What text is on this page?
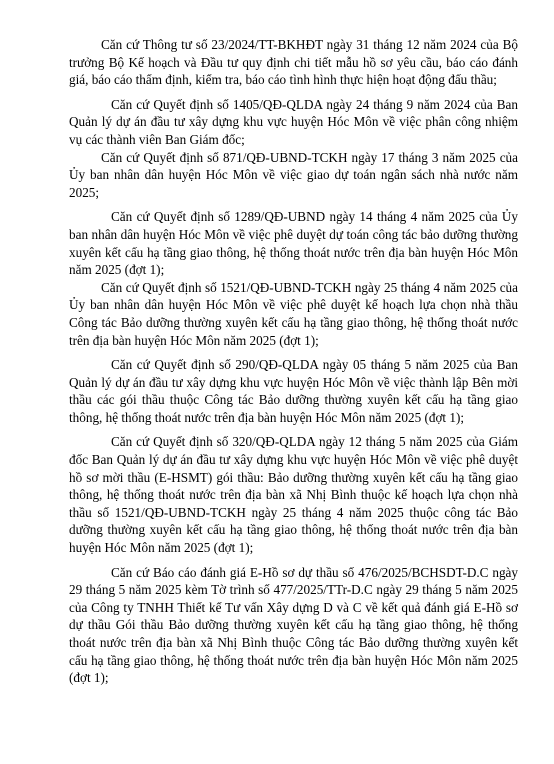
Căn cứ Thông tư số 23/2024/TT-BKHĐT ngày 31 tháng 12 năm 2024 của Bộ trưởng Bộ Kế hoạch và Đầu tư quy định chi tiết mẫu hồ sơ yêu cầu, báo cáo đánh giá, báo cáo thẩm định, kiểm tra, báo cáo tình hình thực hiện hoạt động đấu thầu;

Căn cứ Quyết định số 1405/QĐ-QLDA ngày 24 tháng 9 năm 2024 của Ban Quản lý dự án đầu tư xây dựng khu vực huyện Hóc Môn về việc phân công nhiệm vụ các thành viên Ban Giám đốc;

Căn cứ Quyết định số 871/QĐ-UBND-TCKH ngày 17 tháng 3 năm 2025 của Ủy ban nhân dân huyện Hóc Môn về việc giao dự toán ngân sách nhà nước năm 2025;

Căn cứ Quyết định số 1289/QĐ-UBND ngày 14 tháng 4 năm 2025 của Ủy ban nhân dân huyện Hóc Môn về việc phê duyệt dự toán công tác bảo dưỡng thường xuyên kết cấu hạ tầng giao thông, hệ thống thoát nước trên địa bàn huyện Hóc Môn năm 2025 (đợt 1);

Căn cứ Quyết định số 1521/QĐ-UBND-TCKH ngày 25 tháng 4 năm 2025 của Ủy ban nhân dân huyện Hóc Môn về việc phê duyệt kế hoạch lựa chọn nhà thầu Công tác Bảo dưỡng thường xuyên kết cấu hạ tầng giao thông, hệ thống thoát nước trên địa bàn huyện Hóc Môn năm 2025 (đợt 1);

Căn cứ Quyết định số 290/QĐ-QLDA ngày 05 tháng 5 năm 2025 của Ban Quản lý dự án đầu tư xây dựng khu vực huyện Hóc Môn về việc thành lập Bên mời thầu các gói thầu thuộc Công tác Bảo dưỡng thường xuyên kết cấu hạ tầng giao thông, hệ thống thoát nước trên địa bàn huyện Hóc Môn năm 2025 (đợt 1);

Căn cứ Quyết định số 320/QĐ-QLDA ngày 12 tháng 5 năm 2025 của Giám đốc Ban Quản lý dự án đầu tư xây dựng khu vực huyện Hóc Môn về việc phê duyệt hồ sơ mời thầu (E-HSMT) gói thầu: Bảo dưỡng thường xuyên kết cấu hạ tầng giao thông, hệ thống thoát nước trên địa bàn xã Nhị Bình thuộc kế hoạch lựa chọn nhà thầu số 1521/QĐ-UBND-TCKH ngày 25 tháng 4 năm 2025 thuộc công tác Bảo dưỡng thường xuyên kết cấu hạ tầng giao thông, hệ thống thoát nước trên địa bàn huyện Hóc Môn năm 2025 (đợt 1);

Căn cứ Báo cáo đánh giá E-Hồ sơ dự thầu số 476/2025/BCHSDT-D.C ngày 29 tháng 5 năm 2025 kèm Tờ trình số 477/2025/TTr-D.C ngày 29 tháng 5 năm 2025 của Công ty TNHH Thiết kế Tư vấn Xây dựng D và C về kết quả đánh giá E-Hồ sơ dự thầu Gói thầu Bảo dưỡng thường xuyên kết cấu hạ tầng giao thông, hệ thống thoát nước trên địa bàn xã Nhị Bình thuộc Công tác Bảo dưỡng thường xuyên kết cấu hạ tầng giao thông, hệ thống thoát nước trên địa bàn huyện Hóc Môn năm 2025 (đợt 1);
